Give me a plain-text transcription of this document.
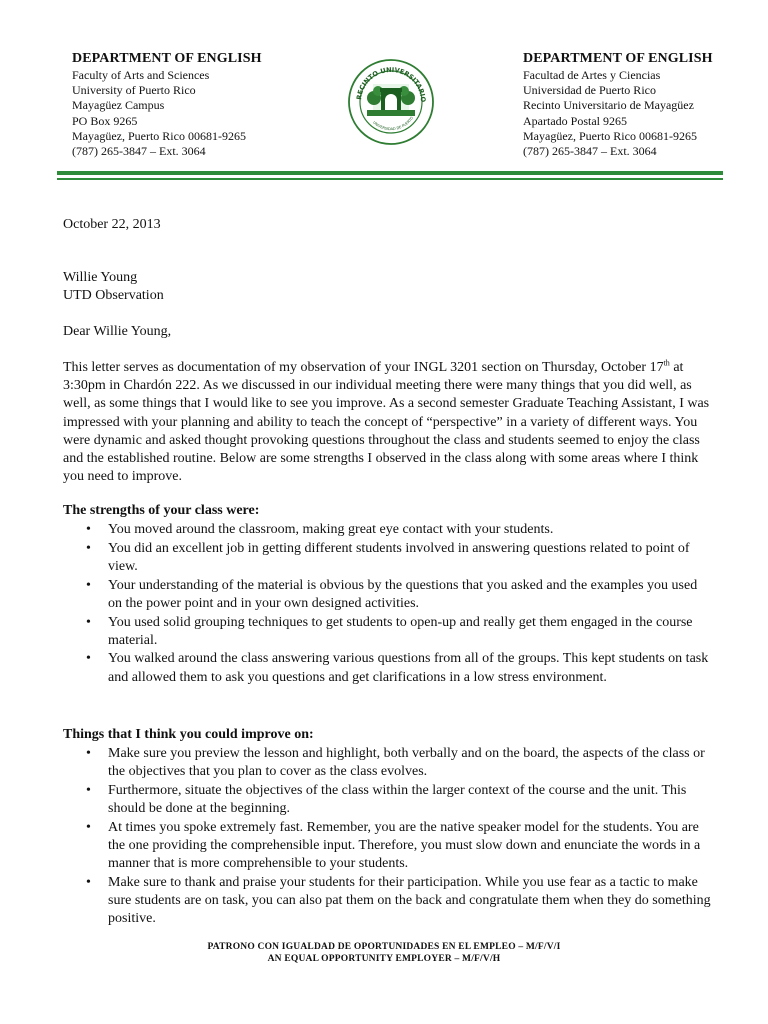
DEPARTMENT OF ENGLISH
Faculty of Arts and Sciences
University of Puerto Rico
Mayagüez Campus
PO Box 9265
Mayagüez, Puerto Rico 00681-9265
(787) 265-3847 – Ext. 3064
RECINTO UNIVERSITARIO
UNIVERSIDAD DE PUERTO
DEPARTMENT OF ENGLISH
Facultad de Artes y Ciencias
Universidad de Puerto Rico
Recinto Universitario de Mayagüez
Apartado Postal 9265
Mayagüez, Puerto Rico 00681-9265
(787) 265-3847 – Ext. 3064
October 22, 2013
Willie Young
UTD Observation
Dear Willie Young,
This letter serves as documentation of my observation of your INGL 3201 section on Thursday, October 17th at 3:30pm in Chardón 222. As we discussed in our individual meeting there were many things that you did well, as well, as some things that I would like to see you improve. As a second semester Graduate Teaching Assistant, I was impressed with your planning and ability to teach the concept of “perspective” in a variety of different ways. You were dynamic and asked thought provoking questions throughout the class and students seemed to enjoy the class and the established routine. Below are some strengths I observed in the class along with some areas where I think you need to improve.
The strengths of your class were:
• You moved around the classroom, making great eye contact with your students.
• You did an excellent job in getting different students involved in answering questions related to point of view.
• Your understanding of the material is obvious by the questions that you asked and the examples you used on the power point and in your own designed activities.
• You used solid grouping techniques to get students to open-up and really get them engaged in the course material.
• You walked around the class answering various questions from all of the groups. This kept students on task and allowed them to ask you questions and get clarifications in a low stress environment.
Things that I think you could improve on:
• Make sure you preview the lesson and highlight, both verbally and on the board, the aspects of the class or the objectives that you plan to cover as the class evolves.
• Furthermore, situate the objectives of the class within the larger context of the course and the unit. This should be done at the beginning.
• At times you spoke extremely fast. Remember, you are the native speaker model for the students. You are the one providing the comprehensible input. Therefore, you must slow down and enunciate the words in a manner that is more comprehensible to your students.
• Make sure to thank and praise your students for their participation. While you use fear as a tactic to make sure students are on task, you can also pat them on the back and congratulate them when they do something positive.
PATRONO CON IGUALDAD DE OPORTUNIDADES EN EL EMPLEO – M/F/V/I
AN EQUAL OPPORTUNITY EMPLOYER – M/F/V/H
